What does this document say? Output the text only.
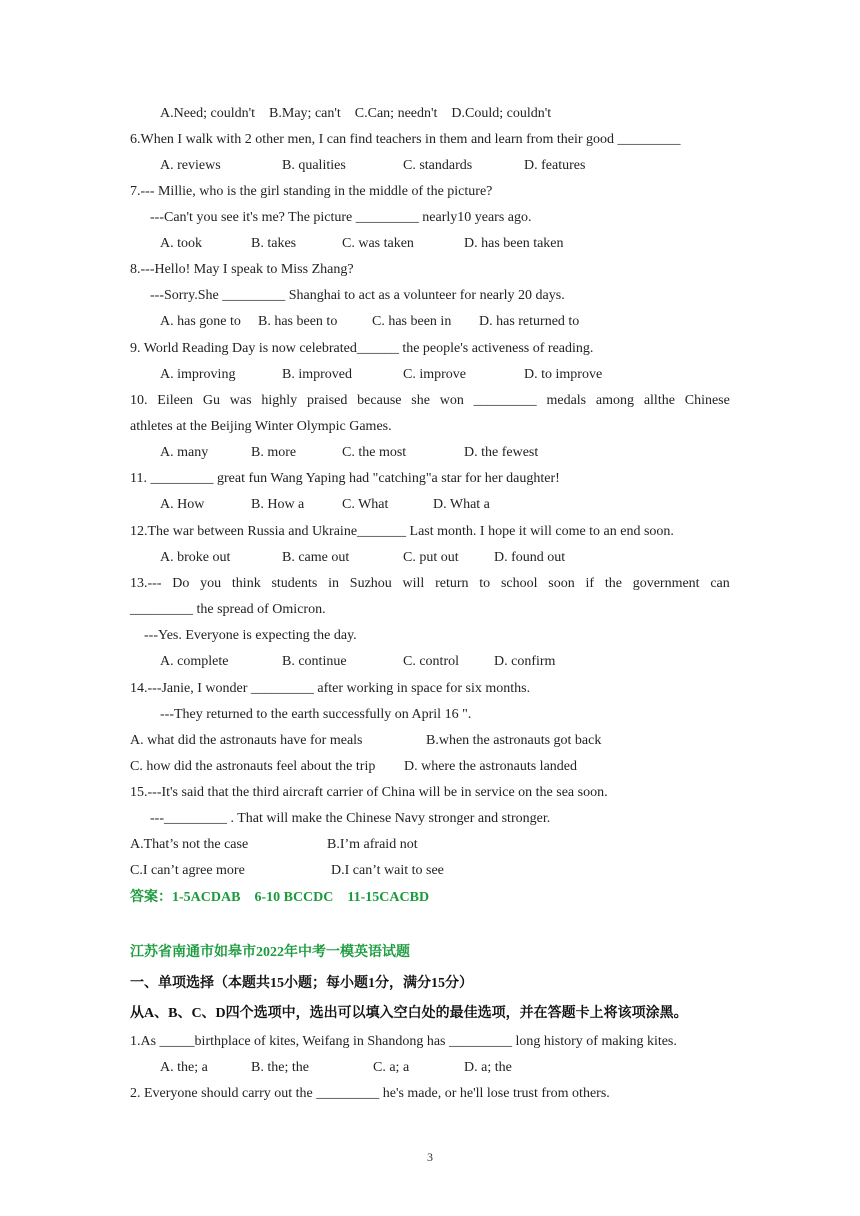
A.Need; couldn't    B.May; can't    C.Can; needn't    D.Could; couldn't
6.When I walk with 2 other men, I can find teachers in them and learn from their good _________
A. reviews	B. qualities	C. standards	D. features
7.--- Millie, who is the girl standing in the middle of the picture?
---Can't you see it's me? The picture _________ nearly10 years ago.
A. took	B. takes	C. was taken	D. has been taken
8.---Hello! May I speak to Miss Zhang?
---Sorry.She _________ Shanghai to act as a volunteer for nearly 20 days.
A. has gone to B. has been to C. has been in D. has returned to
9. World Reading Day is now celebrated______ the people's activeness of reading.
A. improving	B. improved	C. improve	D. to improve
10. Eileen Gu was highly praised because she won _________ medals among allthe Chinese
athletes at the Beijing Winter Olympic Games.
A. many	B. more	C. the most	D. the fewest
11. _________ great fun Wang Yaping had "catching"a star for her daughter!
A. How	B. How a	C. What	D. What a
12.The war between Russia and Ukraine_______ Last month. I hope it will come to an end soon.
A. broke out	B. came out	C. put out	D. found out
13.--- Do you think students in Suzhou will return to school soon if the government can
_________ the spread of Omicron.
---Yes. Everyone is expecting the day.
A. complete	B. continue	C. control	D. confirm
14.---Janie, I wonder _________ after working in space for six months.
---They returned to the earth successfully on April 16 ".
A. what did the astronauts have for meals	B.when the astronauts got back
C. how did the astronauts feel about the trip D. where the astronauts landed
15.---It's said that the third aircraft carrier of China will be in service on the sea soon.
---_________ . That will make the Chinese Navy stronger and stronger.
A.That’s not the case	B.I’m afraid not
C.I can’t agree more	D.I can’t wait to see
答案：1-5ACDAB    6-10 BCCDC    11-15CACBD
江苏省南通市如皋市2022年中考一模英语试题
一、单项选择（本题共15小题；每小题1分，满分15分）
从A、B、C、D四个选项中，选出可以填入空白处的最佳选项，并在答题卡上将该项涂黑。
1.As _____birthplace of kites, Weifang in Shandong has _________ long history of making kites.
A. the; a	B. the; the	C. a; a	D. a; the
2. Everyone should carry out the _________ he's made, or he'll lose trust from others.
3
